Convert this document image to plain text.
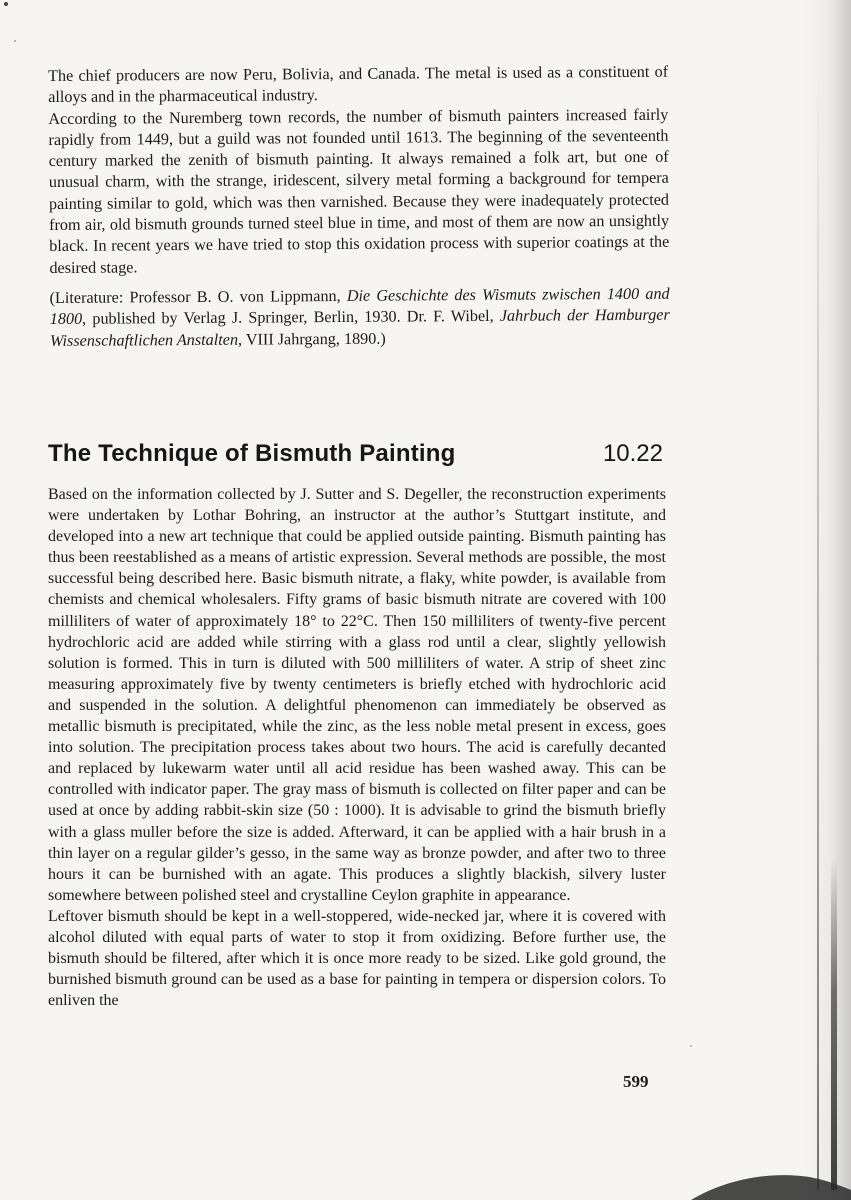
The chief producers are now Peru, Bolivia, and Canada. The metal is used as a constituent of alloys and in the pharmaceutical industry.

According to the Nuremberg town records, the number of bismuth painters increased fairly rapidly from 1449, but a guild was not founded until 1613. The beginning of the seventeenth century marked the zenith of bismuth painting. It always remained a folk art, but one of unusual charm, with the strange, iridescent, silvery metal forming a background for tempera painting similar to gold, which was then varnished. Because they were inadequately protected from air, old bismuth grounds turned steel blue in time, and most of them are now an unsightly black. In recent years we have tried to stop this oxidation process with superior coatings at the desired stage.

(Literature: Professor B. O. von Lippmann, Die Geschichte des Wismuts zwischen 1400 and 1800, published by Verlag J. Springer, Berlin, 1930. Dr. F. Wibel, Jahrbuch der Hamburger Wissenschaftlichen Anstalten, VIII Jahrgang, 1890.)

The Technique of Bismuth Painting	10.22

Based on the information collected by J. Sutter and S. Degeller, the reconstruction experiments were undertaken by Lothar Bohring, an instructor at the author’s Stuttgart institute, and developed into a new art technique that could be applied outside painting. Bismuth painting has thus been reestablished as a means of artistic expression. Several methods are possible, the most successful being described here. Basic bismuth nitrate, a flaky, white powder, is available from chemists and chemical wholesalers. Fifty grams of basic bismuth nitrate are covered with 100 milliliters of water of approximately 18° to 22°C. Then 150 milliliters of twenty-five percent hydrochloric acid are added while stirring with a glass rod until a clear, slightly yellowish solution is formed. This in turn is diluted with 500 milliliters of water. A strip of sheet zinc measuring approximately five by twenty centimeters is briefly etched with hydrochloric acid and suspended in the solution. A delightful phenomenon can immediately be observed as metallic bismuth is precipitated, while the zinc, as the less noble metal present in excess, goes into solution. The precipitation process takes about two hours. The acid is carefully decanted and replaced by lukewarm water until all acid residue has been washed away. This can be controlled with indicator paper. The gray mass of bismuth is collected on filter paper and can be used at once by adding rabbit-skin size (50 : 1000). It is advisable to grind the bismuth briefly with a glass muller before the size is added. Afterward, it can be applied with a hair brush in a thin layer on a regular gilder’s gesso, in the same way as bronze powder, and after two to three hours it can be burnished with an agate. This produces a slightly blackish, silvery luster somewhere between polished steel and crystalline Ceylon graphite in appearance.

Leftover bismuth should be kept in a well-stoppered, wide-necked jar, where it is covered with alcohol diluted with equal parts of water to stop it from oxidizing. Before further use, the bismuth should be filtered, after which it is once more ready to be sized. Like gold ground, the burnished bismuth ground can be used as a base for painting in tempera or dispersion colors. To enliven the

599
